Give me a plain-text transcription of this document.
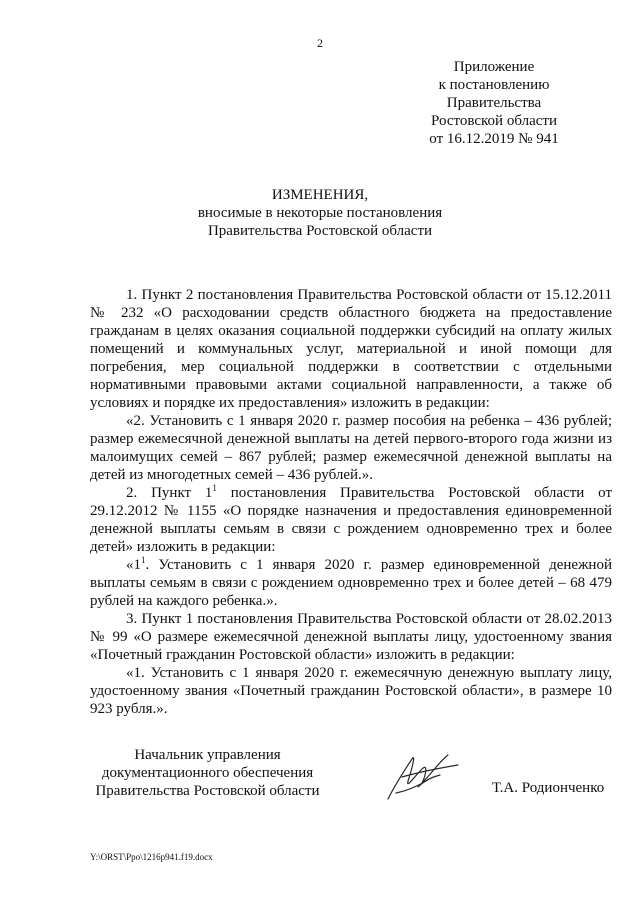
2
Приложение
к постановлению
Правительства
Ростовской области
от 16.12.2019 № 941
ИЗМЕНЕНИЯ,
вносимые в некоторые постановления
Правительства Ростовской области

1. Пункт 2 постановления Правительства Ростовской области от 15.12.2011 № 232 «О расходовании средств областного бюджета на предоставление гражданам в целях оказания социальной поддержки субсидий на оплату жилых помещений и коммунальных услуг, материальной и иной помощи для погребения, мер социальной поддержки в соответствии с отдельными нормативными правовыми актами социальной направленности, а также об условиях и порядке их предоставления» изложить в редакции:

«2. Установить с 1 января 2020 г. размер пособия на ребенка – 436 рублей; размер ежемесячной денежной выплаты на детей первого-второго года жизни из малоимущих семей – 867 рублей; размер ежемесячной денежной выплаты на детей из многодетных семей – 436 рублей.».

2. Пункт $1^1$ постановления Правительства Ростовской области от 29.12.2012 № 1155 «О порядке назначения и предоставления единовременной денежной выплаты семьям в связи с рождением одновременно трех и более детей» изложить в редакции:

«$1^1$. Установить с 1 января 2020 г. размер единовременной денежной выплаты семьям в связи с рождением одновременно трех и более детей – 68 479 рублей на каждого ребенка.».

3. Пункт 1 постановления Правительства Ростовской области от 28.02.2013 № 99 «О размере ежемесячной денежной выплаты лицу, удостоенному звания «Почетный гражданин Ростовской области» изложить в редакции:

«1. Установить с 1 января 2020 г. ежемесячную денежную выплату лицу, удостоенному звания «Почетный гражданин Ростовской области», в размере 10 923 рубля.».

Начальник управления
документационного обеспечения
Правительства Ростовской области	Т.А. Родионченко
Y:\ORST\Ppo\1216p941.f19.docx
